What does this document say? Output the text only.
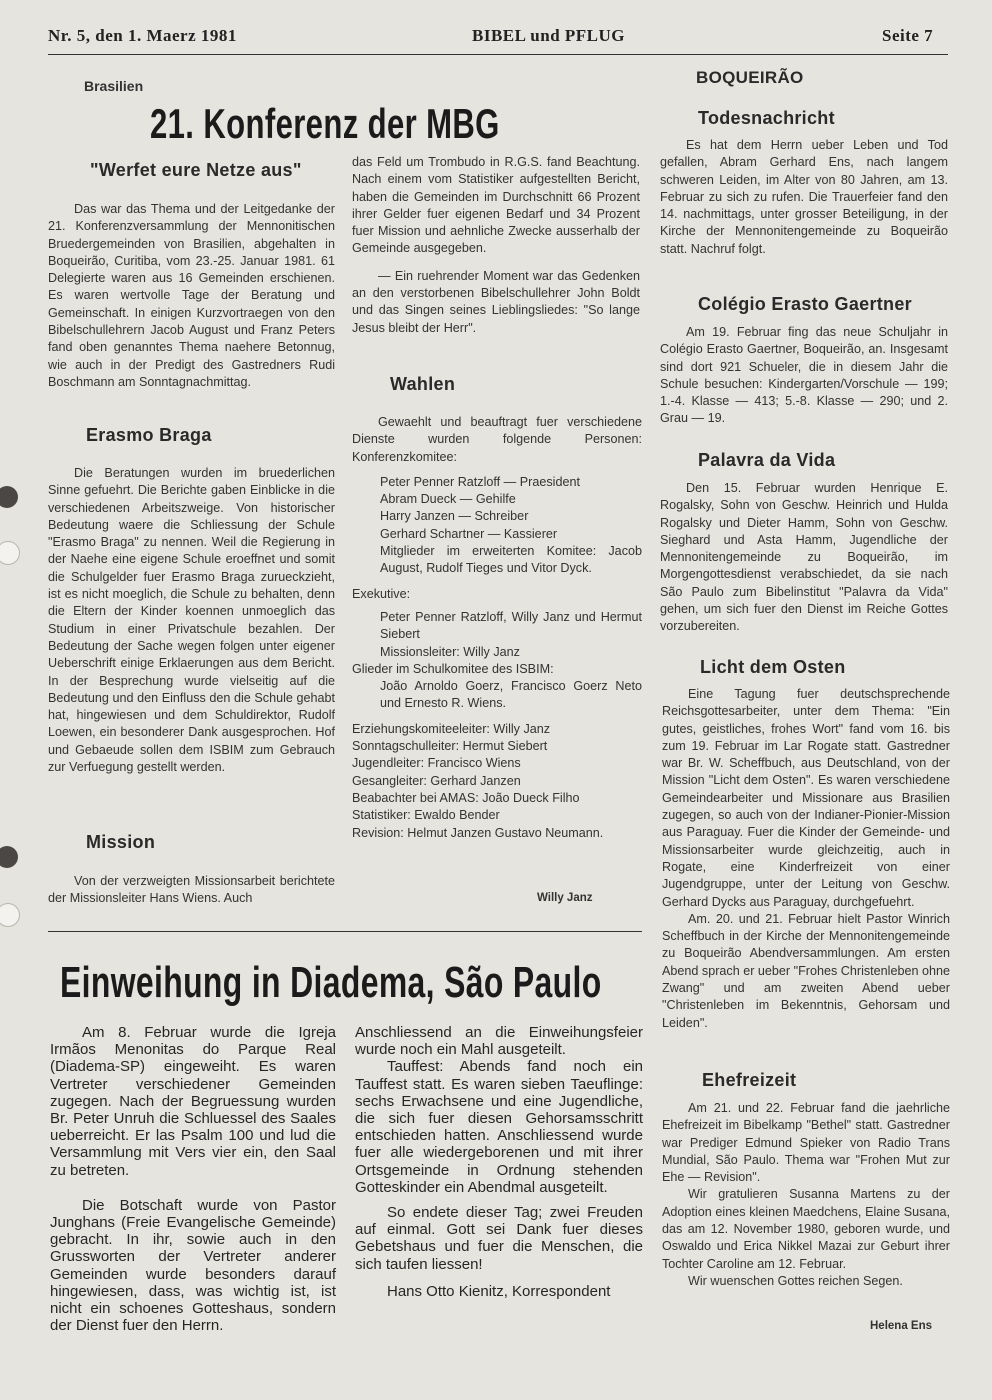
Nr. 5, den 1. Maerz 1981	BIBEL und PFLUG	Seite 7
Brasilien
21. Konferenz der MBG
"Werfet eure Netze aus"

Das war das Thema und der Leitgedanke der 21. Konferenzversammlung der Mennonitischen Bruedergemeinden von Brasilien, abgehalten in Boqueirão, Curitiba, vom 23.-25. Januar 1981. 61 Delegierte waren aus 16 Gemeinden erschienen. Es waren wertvolle Tage der Beratung und Gemeinschaft. In einigen Kurzvortraegen von den Bibelschullehrern Jacob August und Franz Peters fand oben genanntes Thema naehere Betonnug, wie auch in der Predigt des Gastredners Rudi Boschmann am Sonntagnachmittag.

Erasmo Braga

Die Beratungen wurden im bruederlichen Sinne gefuehrt. Die Berichte gaben Einblicke in die verschiedenen Arbeitszweige. Von historischer Bedeutung waere die Schliessung der Schule "Erasmo Braga" zu nennen. Weil die Regierung in der Naehe eine eigene Schule eroeffnet und somit die Schulgelder fuer Erasmo Braga zurueckzieht, ist es nicht moeglich, die Schule zu behalten, denn die Eltern der Kinder koennen unmoeglich das Studium in einer Privatschule bezahlen. Der Bedeutung der Sache wegen folgen unter eigener Ueberschrift einige Erklaerungen aus dem Bericht. In der Besprechung wurde vielseitig auf die Bedeutung und den Einfluss den die Schule gehabt hat, hingewiesen und dem Schuldirektor, Rudolf Loewen, ein besonderer Dank ausgesprochen. Hof und Gebaeude sollen dem ISBIM zum Gebrauch zur Verfuegung gestellt werden.

Mission

Von der verzweigten Missionsarbeit berichtete der Missionsleiter Hans Wiens. Auch

das Feld um Trombudo in R.G.S. fand Beachtung. Nach einem vom Statistiker aufgestellten Bericht, haben die Gemeinden im Durchschnitt 66 Prozent ihrer Gelder fuer eigenen Bedarf und 34 Prozent fuer Mission und aehnliche Zwecke ausserhalb der Gemeinde ausgegeben.

— Ein ruehrender Moment war das Gedenken an den verstorbenen Bibelschullehrer John Boldt und das Singen seines Lieblingsliedes: "So lange Jesus bleibt der Herr".

Wahlen

Gewaehlt und beauftragt fuer verschiedene Dienste wurden folgende Personen: Konferenzkomitee:

Peter Penner Ratzloff — Praesident
Abram Dueck — Gehilfe
Harry Janzen — Schreiber
Gerhard Schartner — Kassierer
Mitglieder im erweiterten Komitee: Jacob August, Rudolf Tieges und Vitor Dyck.
Exekutive:
Peter Penner Ratzloff, Willy Janz und Hermut Siebert
Missionsleiter: Willy Janz
Glieder im Schulkomitee des ISBIM:
João Arnoldo Goerz, Francisco Goerz Neto und Ernesto R. Wiens.
Erziehungskomiteeleiter: Willy Janz
Sonntagschulleiter: Hermut Siebert
Jugendleiter: Francisco Wiens
Gesangleiter: Gerhard Janzen
Beabachter bei AMAS: João Dueck Filho
Statistiker: Ewaldo Bender
Revision: Helmut Janzen Gustavo Neumann.
Willy Janz
Einweihung in Diadema, São Paulo

Am 8. Februar wurde die Igreja Irmãos Menonitas do Parque Real (Diadema-SP) eingeweiht. Es waren Vertreter verschiedener Gemeinden zugegen. Nach der Begruessung wurden Br. Peter Unruh die Schluessel des Saales ueberreicht. Er las Psalm 100 und lud die Versammlung mit Vers vier ein, den Saal zu betreten.

Die Botschaft wurde von Pastor Junghans (Freie Evangelische Gemeinde) gebracht. In ihr, sowie auch in den Grussworten der Vertreter anderer Gemeinden wurde besonders darauf hingewiesen, dass, was wichtig ist, ist nicht ein schoenes Gotteshaus, sondern der Dienst fuer den Herrn.

Anschliessend an die Einweihungsfeier wurde noch ein Mahl ausgeteilt.

Tauffest: Abends fand noch ein Tauffest statt. Es waren sieben Taeuflinge: sechs Erwachsene und eine Jugendliche, die sich fuer diesen Gehorsamsschritt entschieden hatten. Anschliessend wurde fuer alle wiedergeborenen und mit ihrer Ortsgemeinde in Ordnung stehenden Gotteskinder ein Abendmal ausgeteilt.

So endete dieser Tag; zwei Freuden auf einmal. Gott sei Dank fuer dieses Gebetshaus und fuer die Menschen, die sich taufen liessen!

Hans Otto Kienitz, Korrespondent

BOQUEIRÃO
Todesnachricht

Es hat dem Herrn ueber Leben und Tod gefallen, Abram Gerhard Ens, nach langem schweren Leiden, im Alter von 80 Jahren, am 13. Februar zu sich zu rufen. Die Trauerfeier fand den 14. nachmittags, unter grosser Beteiligung, in der Kirche der Mennonitengemeinde zu Boqueirão statt. Nachruf folgt.

Colégio Erasto Gaertner

Am 19. Februar fing das neue Schuljahr in Colégio Erasto Gaertner, Boqueirão, an. Insgesamt sind dort 921 Schueler, die in diesem Jahr die Schule besuchen: Kindergarten/Vorschule — 199; 1.-4. Klasse — 413; 5.-8. Klasse — 290; und 2. Grau — 19.

Palavra da Vida

Den 15. Februar wurden Henrique E. Rogalsky, Sohn von Geschw. Heinrich und Hulda Rogalsky und Dieter Hamm, Sohn von Geschw. Sieghard und Asta Hamm, Jugendliche der Mennonitengemeinde zu Boqueirão, im Morgengottesdienst verabschiedet, da sie nach São Paulo zum Bibelinstitut "Palavra da Vida" gehen, um sich fuer den Dienst im Reiche Gottes vorzubereiten.

Licht dem Osten

Eine Tagung fuer deutschsprechende Reichsgottesarbeiter, unter dem Thema: "Ein gutes, geistliches, frohes Wort" fand vom 16. bis zum 19. Februar im Lar Rogate statt. Gastredner war Br. W. Scheffbuch, aus Deutschland, von der Mission "Licht dem Osten". Es waren verschiedene Gemeindearbeiter und Missionare aus Brasilien zugegen, so auch von der Indianer-Pionier-Mission aus Paraguay. Fuer die Kinder der Gemeinde- und Missionsarbeiter wurde gleichzeitig, auch in Rogate, eine Kinderfreizeit von einer Jugendgruppe, unter der Leitung von Geschw. Gerhard Dycks aus Paraguay, durchgefuehrt.

Am. 20. und 21. Februar hielt Pastor Winrich Scheffbuch in der Kirche der Mennonitengemeinde zu Boqueirão Abendversammlungen. Am ersten Abend sprach er ueber "Frohes Christenleben ohne Zwang" und am zweiten Abend ueber "Christenleben im Bekenntnis, Gehorsam und Leiden".

Ehefreizeit

Am 21. und 22. Februar fand die jaehrliche Ehefreizeit im Bibelkamp "Bethel" statt. Gastredner war Prediger Edmund Spieker von Radio Trans Mundial, São Paulo. Thema war "Frohen Mut zur Ehe — Revision".

Wir gratulieren Susanna Martens zu der Adoption eines kleinen Maedchens, Elaine Susana, das am 12. November 1980, geboren wurde, und Oswaldo und Erica Nikkel Mazai zur Geburt ihrer Tochter Caroline am 12. Februar.

Wir wuenschen Gottes reichen Segen.

Helena Ens
